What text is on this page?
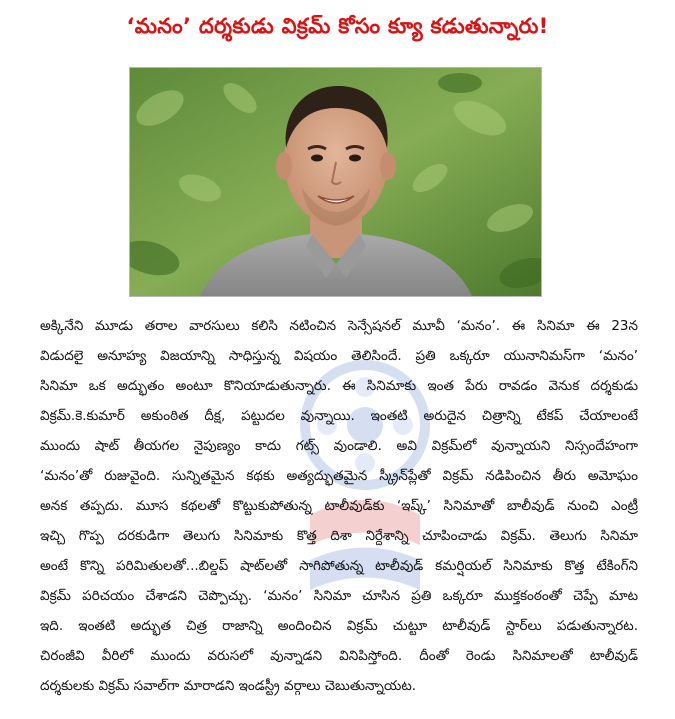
‘మనం’ దర్శకుడు విక్రమ్ కోసం క్యూ కడుతున్నారు!
అక్కినేని మూడు తరాల వారసులు కలిసి నటించిన సెన్సేషనల్ మూవీ ‘మనం’. ఈ సినిమా ఈ 23న
విడుదలై అనూహ్య విజయాన్ని సాధిస్తున్న విషయం తెలిసిందే. ప్రతి ఒక్కరూ యునానిమస్‌గా ‘మనం’
సినిమా ఒక అద్భుతం అంటూ కొనియాడుతున్నారు. ఈ సినిమాకు ఇంత పేరు రావడం వెనుక దర్శకుడు
విక్రమ్.కె.కుమార్ అకుంఠిత దీక్ష, పట్టుదల వున్నాయి. ఇంతటి అరుదైన చిత్రాన్ని టేకప్ చేయాలంటే
ముందు షాట్ తీయగల నైపుణ్యం కాదు గట్స్ వుండాలి. అవి విక్రమ్‌లో వున్నాయని నిస్సందేహంగా
‘మనం’తో రుజువైంది. సున్నితమైన కథకు అత్యద్భుతమైన స్క్రీన్‌ప్లేతో విక్రమ్ నడిపించిన తీరు అమోఘం
అనక తప్పదు. మూస కథలతో కొట్టుకుపోతున్న టాలీవుడ్‌కు ‘ఇష్క్’ సినిమాతో బాలీవుడ్ నుంచి ఎంట్రీ
ఇచ్చి గొప్ప దరకుడిగా తెలుగు సినిమాకు కొత్త దిశా నిర్దేశాన్ని చూపించాడు విక్రమ్. తెలుగు సినిమా
అంటే కొన్ని పరిమితులతో...బిల్డప్ షాట్‌లతో సాగిపోతున్న టాలీవుడ్ కమర్షియల్ సినిమాకు కొత్త టేకింగ్‌ని
విక్రమ్ పరిచయం చేశాడని చెప్పొచ్చు. ‘మనం’ సినిమా చూసిన ప్రతి ఒక్కరూ ముక్తకంఠంతో చెప్పే మాట
ఇది. ఇంతటి అద్భుత చిత్ర రాజాన్ని అందించిన విక్రమ్ చుట్టూ టాలీవుడ్ స్టార్‌లు పడుతున్నారట.
చిరంజీవి వీరిలో ముందు వరుసలో వున్నాడని వినిపిస్తోంది. దీంతో రెండు సినిమాలతో టాలీవుడ్
దర్శకులకు విక్రమ్ సవాల్‌గా మారాడని ఇండస్ట్రీ వర్గాలు చెబుతున్నాయట.
